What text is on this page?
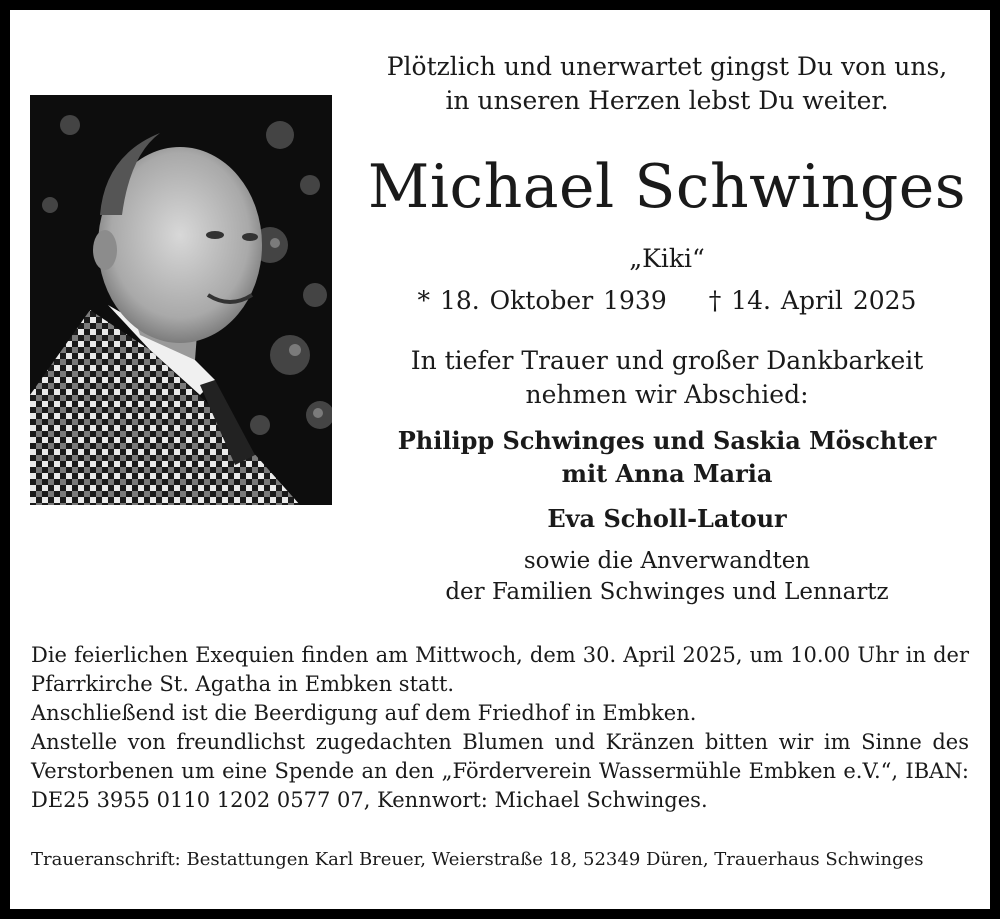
Plötzlich und unerwartet gingst Du von uns,
in unseren Herzen lebst Du weiter.
Michael Schwinges
„Kiki“
* 18. Oktober 1939 † 14. April 2025
In tiefer Trauer und großer Dankbarkeit
nehmen wir Abschied:
Philipp Schwinges und Saskia Möschter
mit Anna Maria
Eva Scholl-Latour
sowie die Anverwandten
der Familien Schwinges und Lennartz

Die feierlichen Exequien finden am Mittwoch, dem 30. April 2025, um 10.00 Uhr in der Pfarrkirche St. Agatha in Embken statt.

Anschließend ist die Beerdigung auf dem Friedhof in Embken.

Anstelle von freundlichst zugedachten Blumen und Kränzen bitten wir im Sinne des Verstorbenen um eine Spende an den „Förderverein Wassermühle Embken e.V.“, IBAN: DE25 3955 0110 1202 0577 07, Kennwort: Michael Schwinges.

Traueranschrift: Bestattungen Karl Breuer, Weierstraße 18, 52349 Düren, Trauerhaus Schwinges
